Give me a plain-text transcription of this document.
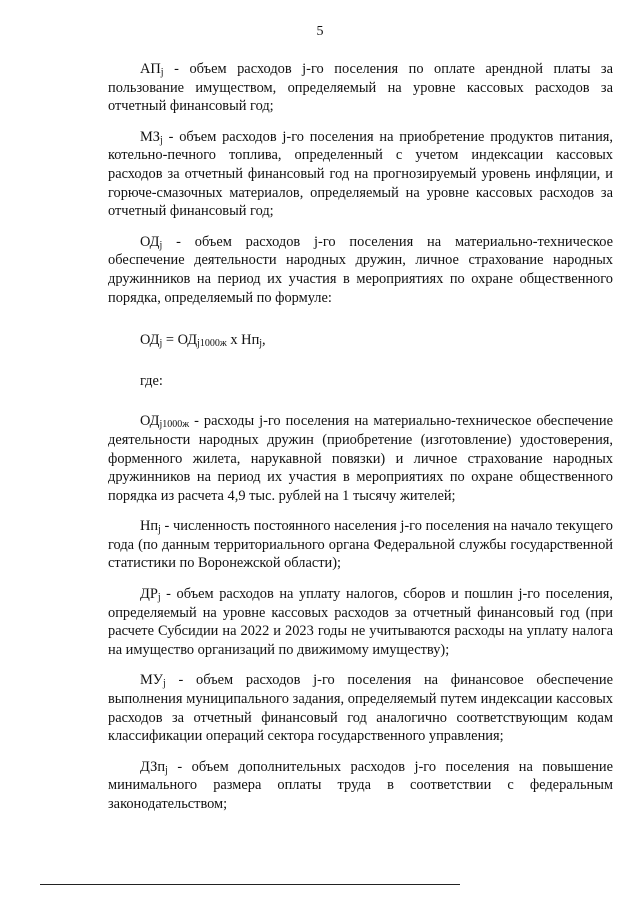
5

$АП_j$ - объем расходов j-го поселения по оплате арендной платы за пользование имуществом, определяемый на уровне кассовых расходов за отчетный финансовый год;

$МЗ_j$ - объем расходов j-го поселения на приобретение продуктов питания, котельно-печного топлива, определенный с учетом индексации кассовых расходов за отчетный финансовый год на прогнозируемый уровень инфляции, и горюче-смазочных материалов, определяемый на уровне кассовых расходов за отчетный финансовый год;

$ОД_j$ - объем расходов j-го поселения на материально-техническое обеспечение деятельности народных дружин, личное страхование народных дружинников на период их участия в мероприятиях по охране общественного порядка, определяемый по формуле:

$ОД_j = ОД_{j1000ж}$ х $Нп_j$,

где:

$ОД_{j1000ж}$ - расходы j-го поселения на материально-техническое обеспечение деятельности народных дружин (приобретение (изготовление) удостоверения, форменного жилета, нарукавной повязки) и личное страхование народных дружинников на период их участия в мероприятиях по охране общественного порядка из расчета 4,9 тыс. рублей на 1 тысячу жителей;

$Нп_j$ - численность постоянного населения j-го поселения на начало текущего года (по данным территориального органа Федеральной службы государственной статистики по Воронежской области);

$ДР_j$ - объем расходов на уплату налогов, сборов и пошлин j-го поселения, определяемый на уровне кассовых расходов за отчетный финансовый год (при расчете Субсидии на 2022 и 2023 годы не учитываются расходы на уплату налога на имущество организаций по движимому имуществу);

$МУ_j$ - объем расходов j-го поселения на финансовое обеспечение выполнения муниципального задания, определяемый путем индексации кассовых расходов за отчетный финансовый год аналогично соответствующим кодам классификации операций сектора государственного управления;

ДЗп$_j$ - объем дополнительных расходов j-го поселения на повышение минимального размера оплаты труда в соответствии с федеральным законодательством;
